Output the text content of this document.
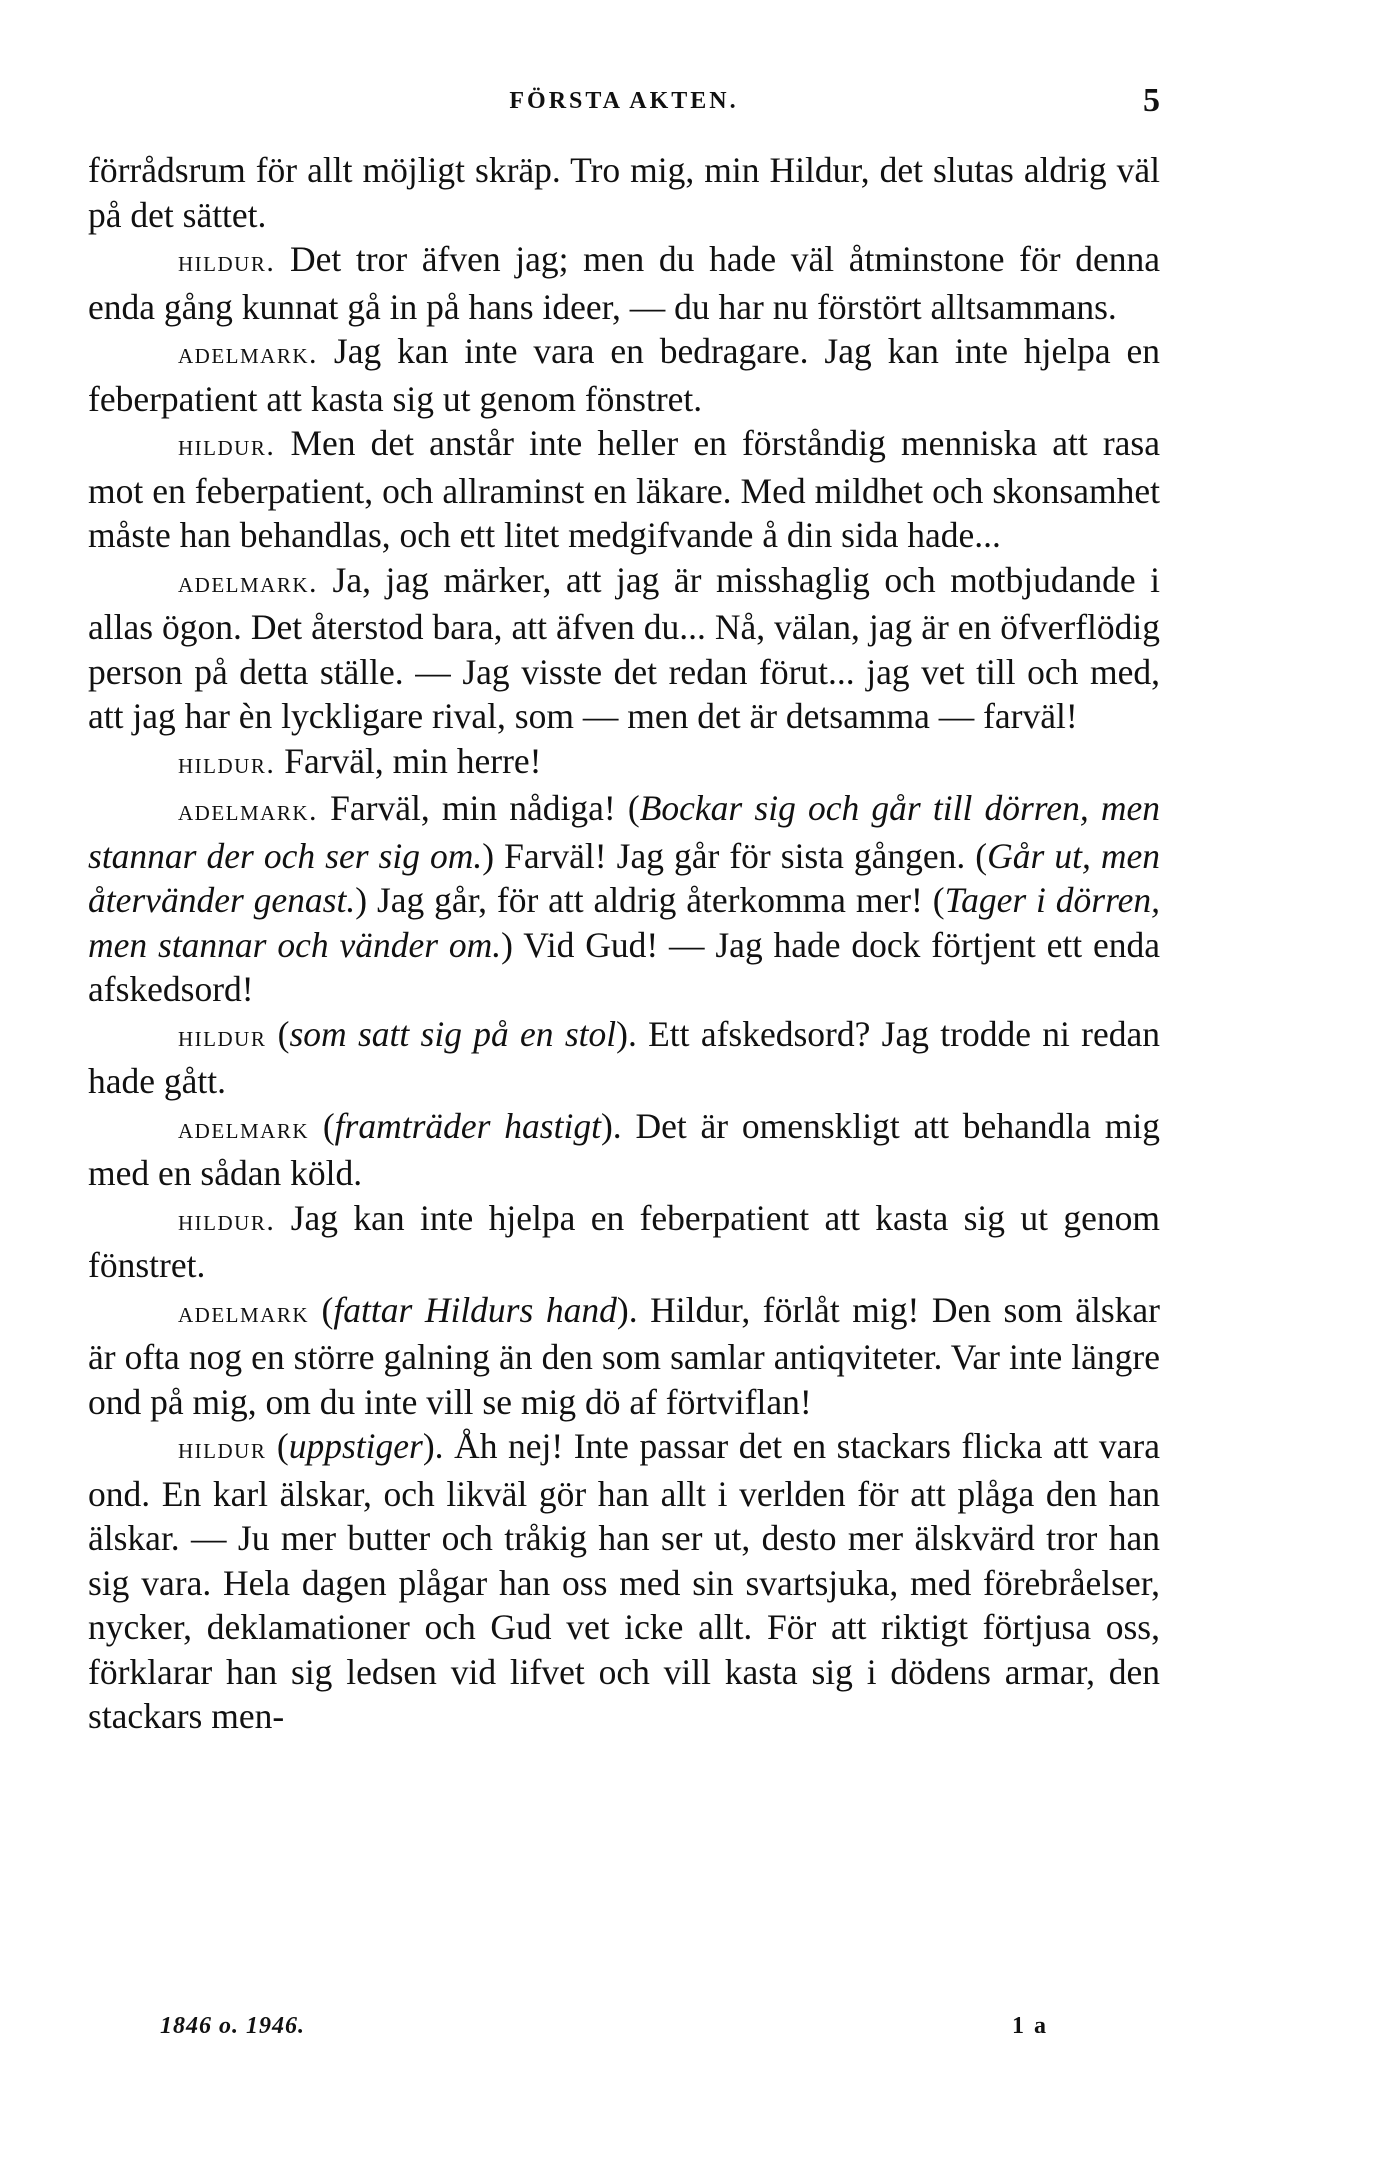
FÖRSTA AKTEN.	5

förrådsrum för allt möjligt skräp. Tro mig, min Hildur, det slutas aldrig väl på det sättet.

hildur. Det tror äfven jag; men du hade väl åtminstone för denna enda gång kunnat gå in på hans ideer, — du har nu förstört alltsammans.

adelmark. Jag kan inte vara en bedragare. Jag kan inte hjelpa en feberpatient att kasta sig ut genom fönstret.

hildur. Men det anstår inte heller en förståndig menniska att rasa mot en feberpatient, och allraminst en läkare. Med mildhet och skonsamhet måste han behandlas, och ett litet medgifvande å din sida hade...

adelmark. Ja, jag märker, att jag är misshaglig och motbjudande i allas ögon. Det återstod bara, att äfven du... Nå, välan, jag är en öfverflödig person på detta ställe. — Jag visste det redan förut... jag vet till och med, att jag har èn lyckligare rival, som — men det är detsamma — farväl!

hildur. Farväl, min herre!

adelmark. Farväl, min nådiga! (Bockar sig och går till dörren, men stannar der och ser sig om.) Farväl! Jag går för sista gången. (Går ut, men återvänder genast.) Jag går, för att aldrig återkomma mer! (Tager i dörren, men stannar och vänder om.) Vid Gud! — Jag hade dock förtjent ett enda afskedsord!

hildur (som satt sig på en stol). Ett afskedsord? Jag trodde ni redan hade gått.

adelmark (framträder hastigt). Det är omenskligt att behandla mig med en sådan köld.

hildur. Jag kan inte hjelpa en feberpatient att kasta sig ut genom fönstret.

adelmark (fattar Hildurs hand). Hildur, förlåt mig! Den som älskar är ofta nog en större galning än den som samlar antiqviteter. Var inte längre ond på mig, om du inte vill se mig dö af förtviflan!

hildur (uppstiger). Åh nej! Inte passar det en stackars flicka att vara ond. En karl älskar, och likväl gör han allt i verlden för att plåga den han älskar. — Ju mer butter och tråkig han ser ut, desto mer älskvärd tror han sig vara. Hela dagen plågar han oss med sin svartsjuka, med förebråelser, nycker, deklamationer och Gud vet icke allt. För att riktigt förtjusa oss, förklarar han sig ledsen vid lifvet och vill kasta sig i dödens armar, den stackars men-

1846 o. 1946.	1 a
